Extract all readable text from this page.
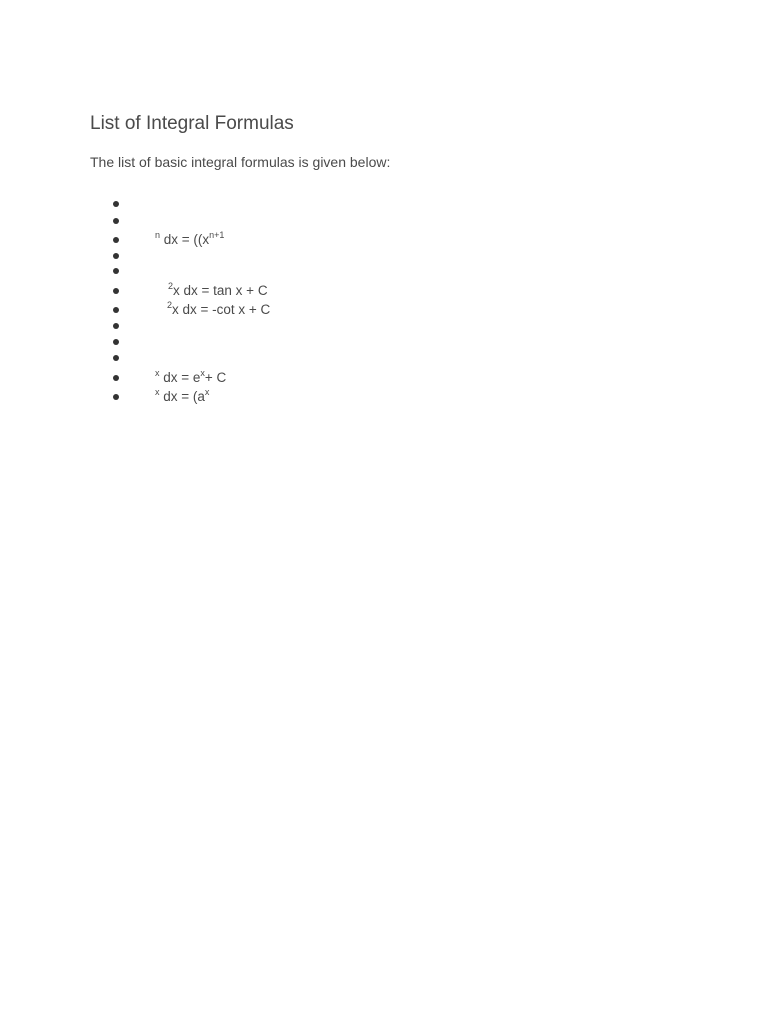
List of Integral Formulas

The list of basic integral formulas is given below:

$^n$ dx = (($x^{n+1}$
$^2$x dx = tan x + C
$^2$x dx = -cot x + C
$^x$ dx = $e^x+ C$
$^x$ dx = ($a^x$
